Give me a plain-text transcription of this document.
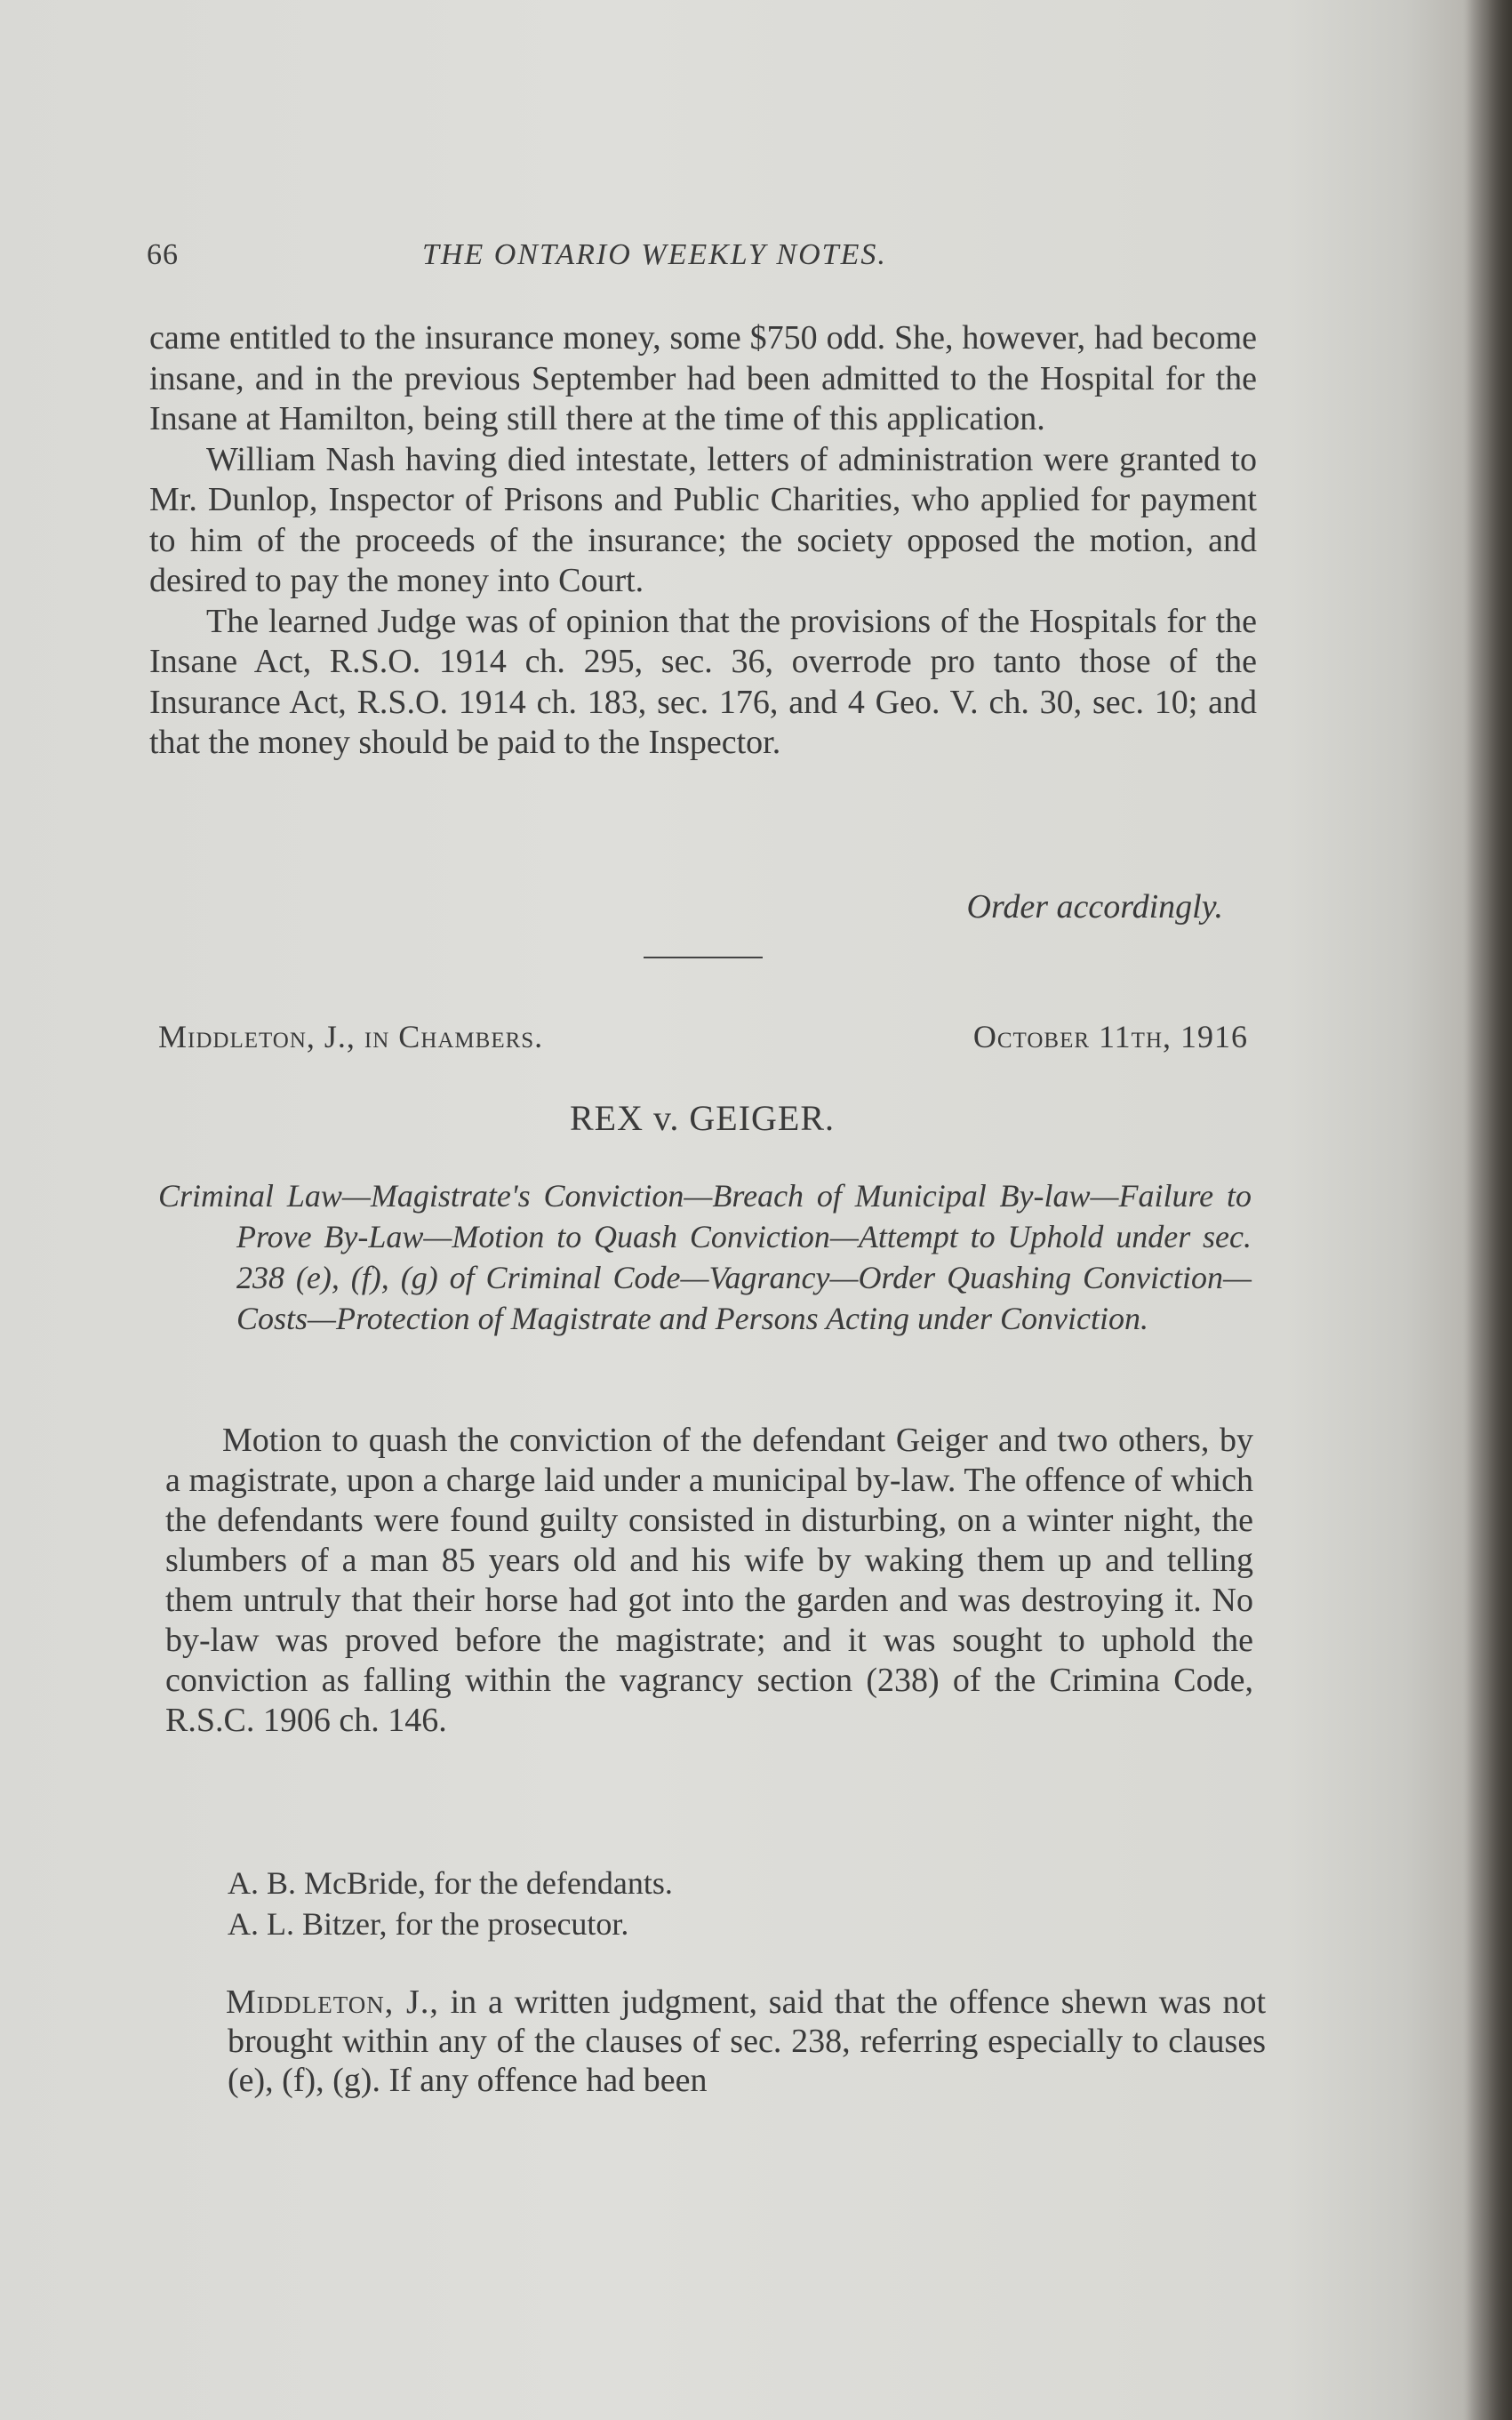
66	THE ONTARIO WEEKLY NOTES.

came entitled to the insurance money, some $750 odd. She, however, had become insane, and in the previous September had been admitted to the Hospital for the Insane at Hamilton, being still there at the time of this application.

William Nash having died intestate, letters of administration were granted to Mr. Dunlop, Inspector of Prisons and Public Charities, who applied for payment to him of the proceeds of the insurance; the society opposed the motion, and desired to pay the money into Court.

The learned Judge was of opinion that the provisions of the Hospitals for the Insane Act, R.S.O. 1914 ch. 295, sec. 36, overrode pro tanto those of the Insurance Act, R.S.O. 1914 ch. 183, sec. 176, and 4 Geo. V. ch. 30, sec. 10; and that the money should be paid to the Inspector.

Order accordingly.
Middleton, J., in Chambers.	October 11th, 1916
REX v. GEIGER.
Criminal Law—Magistrate's Conviction—Breach of Municipal By-law—Failure to Prove By-Law—Motion to Quash Conviction—Attempt to Uphold under sec. 238 (e), (f), (g) of Criminal Code—Vagrancy—Order Quashing Conviction—Costs—Protection of Magistrate and Persons Acting under Conviction.

Motion to quash the conviction of the defendant Geiger and two others, by a magistrate, upon a charge laid under a municipal by-law. The offence of which the defendants were found guilty consisted in disturbing, on a winter night, the slumbers of a man 85 years old and his wife by waking them up and telling them untruly that their horse had got into the garden and was destroying it. No by-law was proved before the magistrate; and it was sought to uphold the conviction as falling within the vagrancy section (238) of the Crimina Code, R.S.C. 1906 ch. 146.

A. B. McBride, for the defendants.
A. L. Bitzer, for the prosecutor.

Middleton, J., in a written judgment, said that the offence shewn was not brought within any of the clauses of sec. 238, referring especially to clauses (e), (f), (g). If any offence had been
